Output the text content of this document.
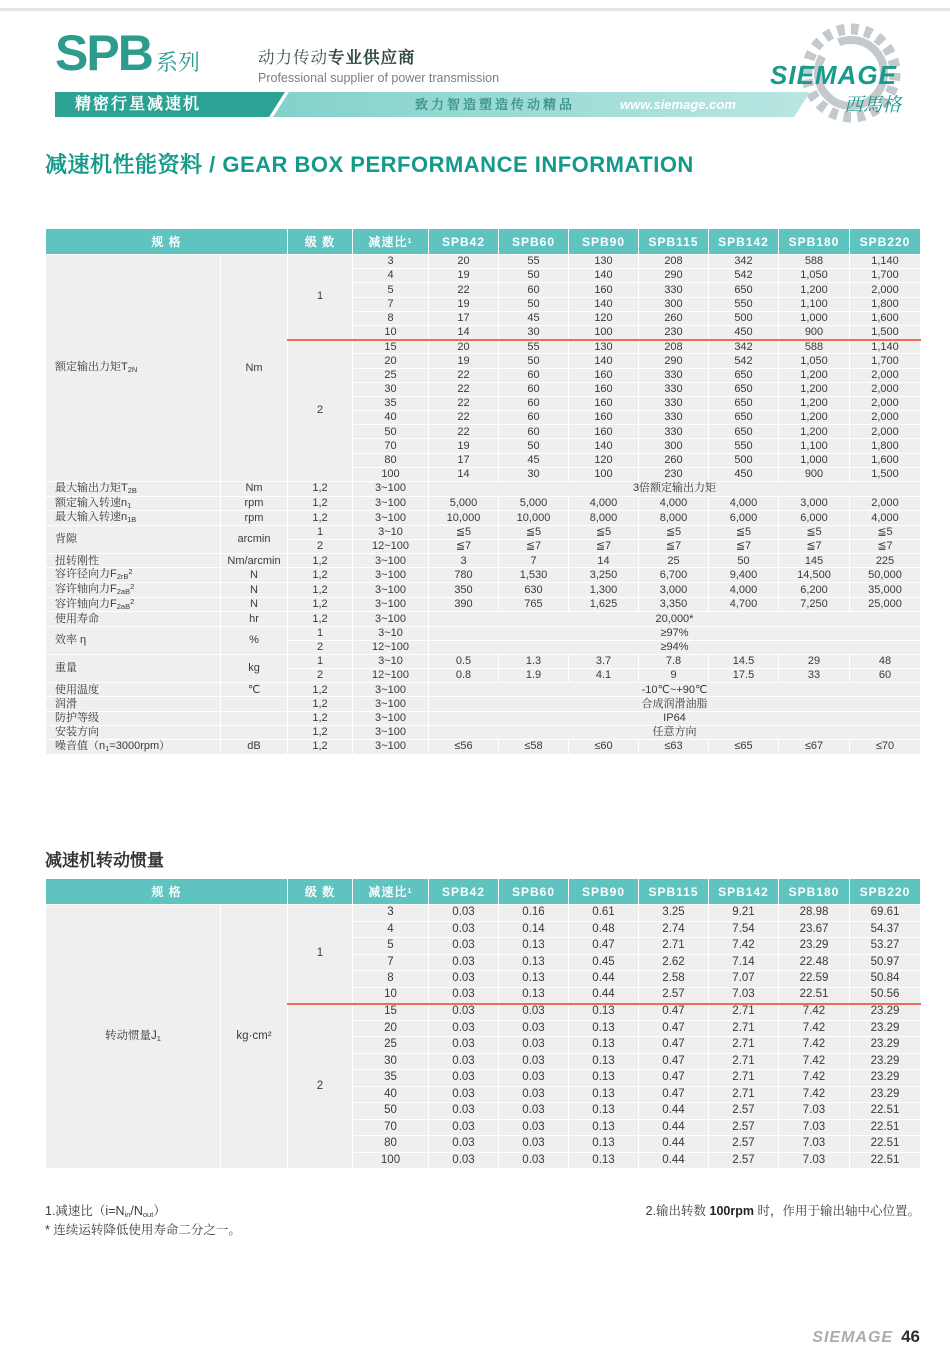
SPB 系列	动力传动专业供应商
Professional supplier of power transmission
精密行星减速机	致力智造塑造传动精品	www.siemage.com
SIEMAGE
西馬格
减速机性能资料 / GEAR BOX PERFORMANCE INFORMATION
规 格		级 数	减速比$^1$	SPB42	SPB60	SPB90	SPB115	SPB142	SPB180	SPB220
额定输出力矩$T_{2N}$	Nm	1	3	20	55	130	208	342	588	1,140
			4	19	50	140	290	542	1,050	1,700
			5	22	60	160	330	650	1,200	2,000
			7	19	50	140	300	550	1,100	1,800
			8	17	45	120	260	500	1,000	1,600
			10	14	30	100	230	450	900	1,500
		2	15	20	55	130	208	342	588	1,140
			20	19	50	140	290	542	1,050	1,700
			25	22	60	160	330	650	1,200	2,000
			30	22	60	160	330	650	1,200	2,000
			35	22	60	160	330	650	1,200	2,000
			40	22	60	160	330	650	1,200	2,000
			50	22	60	160	330	650	1,200	2,000
			70	19	50	140	300	550	1,100	1,800
			80	17	45	120	260	500	1,000	1,600
			100	14	30	100	230	450	900	1,500
最大输出力矩$T_{2B}$	Nm	1,2	3~100	3倍额定输出力矩						
额定输入转速$n_1$	rpm	1,2	3~100	5,000	5,000	4,000	4,000	4,000	3,000	2,000
最大输入转速$n_{1B}$	rpm	1,2	3~100	10,000	10,000	8,000	8,000	6,000	6,000	4,000
背隙	arcmin	1	3~10	≦5	≦5	≦5	≦5	≦5	≦5	≦5
		2	12~100	≦7	≦7	≦7	≦7	≦7	≦7	≦7
扭转刚性	Nm/arcmin	1,2	3~100	3	7	14	25	50	145	225
容许径向力$F_{2rB}^2$	N	1,2	3~100	780	1,530	3,250	6,700	9,400	14,500	50,000
容许轴向力$F_{2aB}^2$	N	1,2	3~100	350	630	1,300	3,000	4,000	6,200	35,000
容许轴向力$F_{2aB}^2$	N	1,2	3~100	390	765	1,625	3,350	4,700	7,250	25,000
使用寿命	hr	1,2	3~100	20,000*						
效率 η	%	1	3~10	≥97%						
		2	12~100	≥94%						
重量	kg	1	3~10	0.5	1.3	3.7	7.8	14.5	29	48
		2	12~100	0.8	1.9	4.1	9	17.5	33	60
使用温度	℃	1,2	3~100	-10℃~+90℃						
润滑		1,2	3~100	合成润滑油脂						
防护等级		1,2	3~100	IP64						
安装方向		1,2	3~100	任意方向						
噪音值$(n_1=3000rpm)$	dB	1,2	3~100	≤56	≤58	≤60	≤63	≤65	≤67	≤70
减速机转动惯量
规 格		级 数	减速比$^1$	SPB42	SPB60	SPB90	SPB115	SPB142	SPB180	SPB220
转动惯量$J_1$	kg·cm²	1	3	0.03	0.16	0.61	3.25	9.21	28.98	69.61
			4	0.03	0.14	0.48	2.74	7.54	23.67	54.37
			5	0.03	0.13	0.47	2.71	7.42	23.29	53.27
			7	0.03	0.13	0.45	2.62	7.14	22.48	50.97
			8	0.03	0.13	0.44	2.58	7.07	22.59	50.84
			10	0.03	0.13	0.44	2.57	7.03	22.51	50.56
		2	15	0.03	0.03	0.13	0.47	2.71	7.42	23.29
			20	0.03	0.03	0.13	0.47	2.71	7.42	23.29
			25	0.03	0.03	0.13	0.47	2.71	7.42	23.29
			30	0.03	0.03	0.13	0.47	2.71	7.42	23.29
			35	0.03	0.03	0.13	0.47	2.71	7.42	23.29
			40	0.03	0.03	0.13	0.47	2.71	7.42	23.29
			50	0.03	0.03	0.13	0.44	2.57	7.03	22.51
			70	0.03	0.03	0.13	0.44	2.57	7.03	22.51
			80	0.03	0.03	0.13	0.44	2.57	7.03	22.51
			100	0.03	0.03	0.13	0.44	2.57	7.03	22.51
1.减速比$(i=N_{in}/N_{out})$
* 连续运转降低使用寿命二分之一。
2.输出转数 100rpm 时，作用于输出轴中心位置。
SIEMAGE 46
